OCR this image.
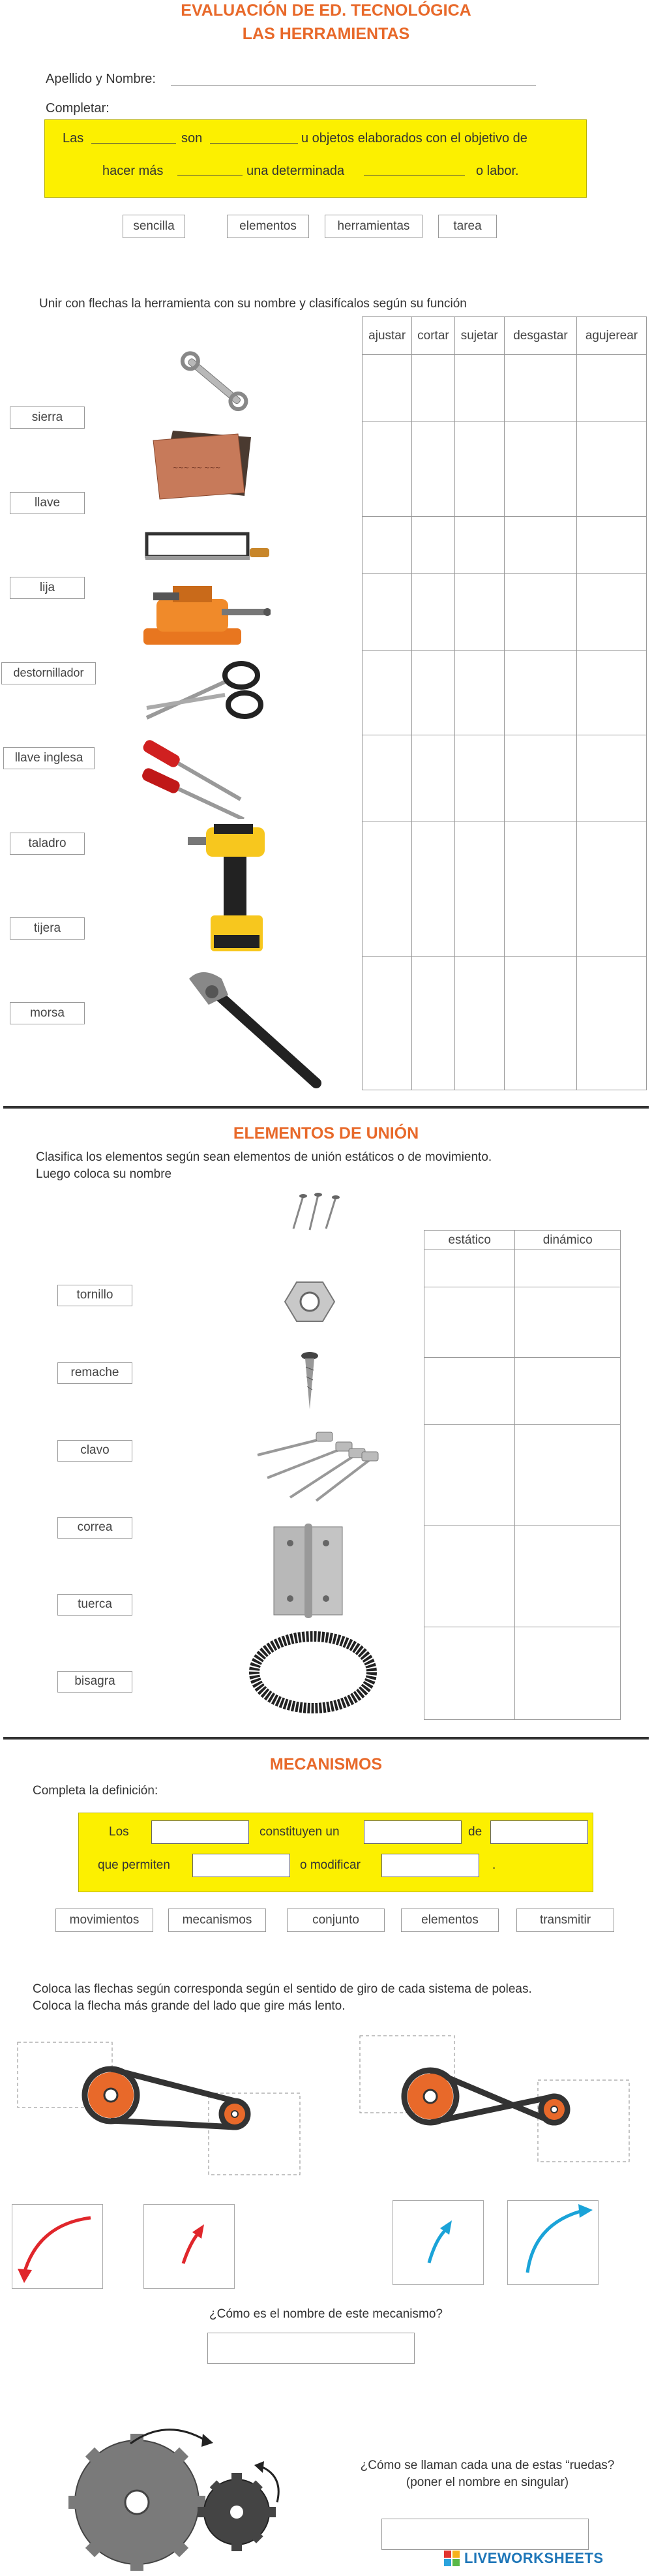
EVALUACIÓN DE ED. TECNOLÓGICA
LAS HERRAMIENTAS
Apellido y Nombre:
Completar:
Las	son	u objetos elaborados con el objetivo de
hacer más	una determinada	o labor.
sencilla	elementos	herramientas	tarea
Unir con flechas la herramienta con su nombre y clasifícalos según su función
sierra
llave
lija
destornillador
llave inglesa
taladro
tijera
morsa
~~~ ~~ ~~~
ajustar	cortar	sujetar	desgastar	agujerear

ELEMENTOS DE UNIÓN
Clasifica los elementos según sean elementos de unión estáticos o de movimiento.
Luego coloca su nombre
tornillo
remache
clavo
correa
tuerca
bisagra
estático	dinámico

MECANISMOS
Completa la definición:
Los	constituyen un	de
que permiten	o modificar	.
movimientos	mecanismos	conjunto	elementos	transmitir
Coloca las flechas según corresponda según el sentido de giro de cada sistema de poleas.
Coloca la flecha más grande del lado que gire más lento.
¿Cómo es el nombre de este mecanismo?
¿Cómo se llaman cada una de estas “ruedas?
(poner el nombre en singular)
LIVEWORKSHEETS
